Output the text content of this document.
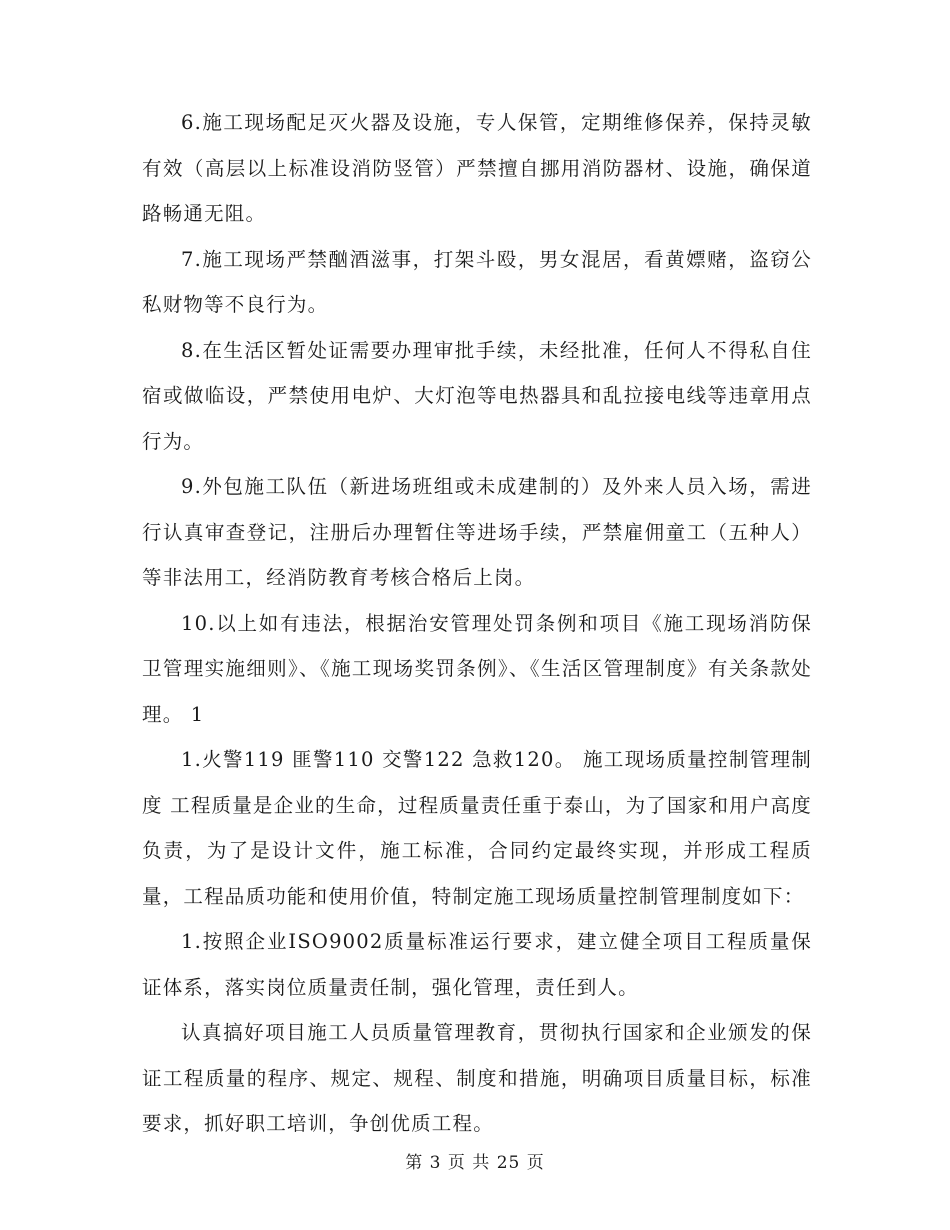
6.施工现场配足灭火器及设施，专人保管，定期维修保养，保持灵敏有效（高层以上标准设消防竖管）严禁擅自挪用消防器材、设施，确保道路畅通无阻。

7.施工现场严禁酗酒滋事，打架斗殴，男女混居，看黄嫖赌，盗窃公私财物等不良行为。

8.在生活区暂处证需要办理审批手续，未经批准，任何人不得私自住宿或做临设，严禁使用电炉、大灯泡等电热器具和乱拉接电线等违章用点行为。

9.外包施工队伍（新进场班组或未成建制的）及外来人员入场，需进行认真审查登记，注册后办理暂住等进场手续，严禁雇佣童工（五种人）等非法用工，经消防教育考核合格后上岗。

10.以上如有违法，根据治安管理处罚条例和项目《施工现场消防保卫管理实施细则》、《施工现场奖罚条例》、《生活区管理制度》有关条款处理。 1

1.火警119 匪警110 交警122 急救120。 施工现场质量控制管理制度 工程质量是企业的生命，过程质量责任重于泰山，为了国家和用户高度负责，为了是设计文件，施工标准，合同约定最终实现，并形成工程质量，工程品质功能和使用价值，特制定施工现场质量控制管理制度如下：

1.按照企业ISO9002质量标准运行要求，建立健全项目工程质量保证体系，落实岗位质量责任制，强化管理，责任到人。

认真搞好项目施工人员质量管理教育，贯彻执行国家和企业颁发的保证工程质量的程序、规定、规程、制度和措施，明确项目质量目标，标准要求，抓好职工培训，争创优质工程。

第 3 页 共 25 页
